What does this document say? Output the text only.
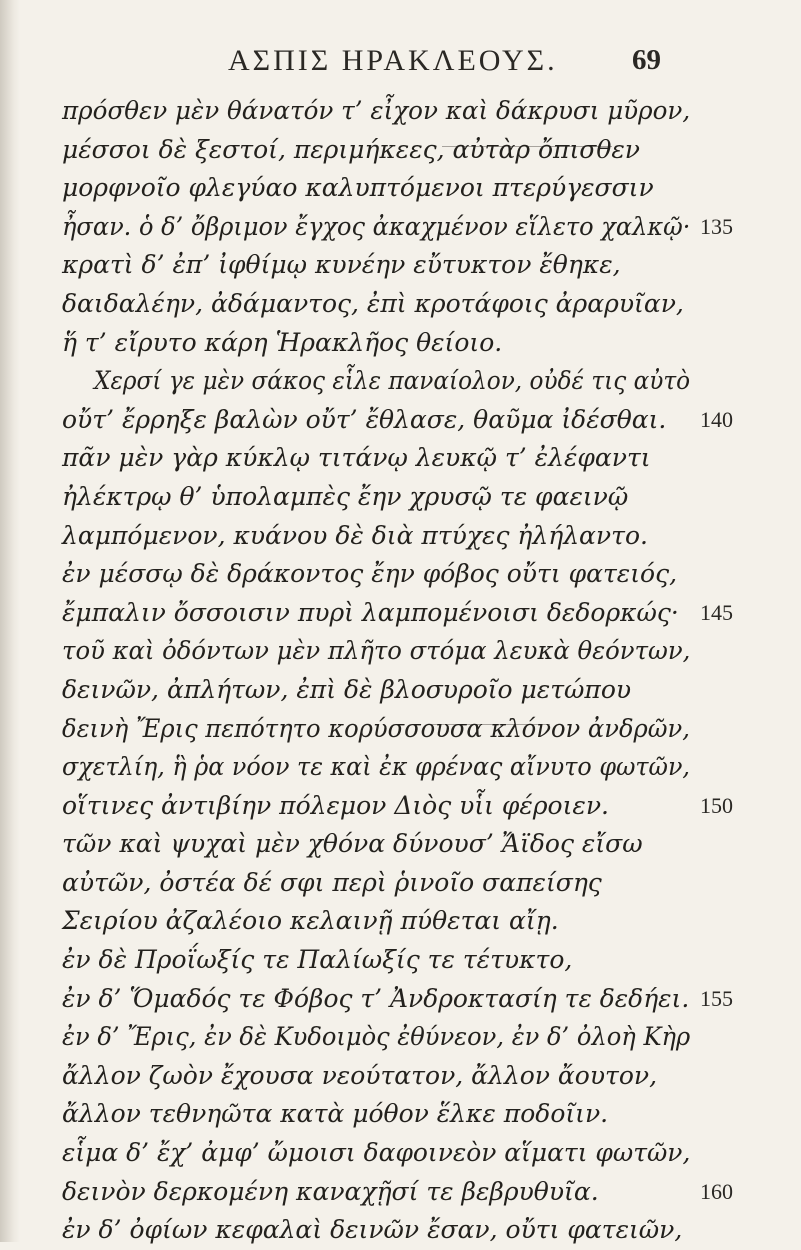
ΑΣΠΙΣ ΗΡΑΚΛΕΟΥΣ.	69
πρόσθεν μὲν θάνατόν τ’ εἶχον καὶ δάκρυσι μῦρον,
μέσσοι δὲ ξεστοί, περιμήκεες, αὐτὰρ ὄπισθεν
μορφνοῖο φλεγύαο καλυπτόμενοι πτερύγεσσιν
ἦσαν. ὁ δ’ ὄβριμον ἔγχος ἀκαχμένον εἵλετο χαλκῷ· 135
κρατὶ δ’ ἐπ’ ἰφθίμῳ κυνέην εὔτυκτον ἔθηκε,
δαιδαλέην, ἀδάμαντος, ἐπὶ κροτάφοις ἀραρυῖαν,
ἥ τ’ εἴρυτο κάρη Ἡρακλῆος θείοιο.
Χερσί γε μὲν σάκος εἷλε παναίολον, οὐδέ τις αὐτὸ
οὔτ’ ἔρρηξε βαλὼν οὔτ’ ἔθλασε, θαῦμα ἰδέσθαι. 140
πᾶν μὲν γὰρ κύκλῳ τιτάνῳ λευκῷ τ’ ἐλέφαντι
ἠλέκτρῳ θ’ ὑπολαμπὲς ἔην χρυσῷ τε φαεινῷ
λαμπόμενον, κυάνου δὲ διὰ πτύχες ἠλήλαντο.
ἐν μέσσῳ δὲ δράκοντος ἔην φόβος οὔτι φατειός,
ἔμπαλιν ὄσσοισιν πυρὶ λαμπομένοισι δεδορκώς· 145
τοῦ καὶ ὀδόντων μὲν πλῆτο στόμα λευκὰ θεόντων,
δεινῶν, ἀπλήτων, ἐπὶ δὲ βλοσυροῖο μετώπου
δεινὴ Ἔρις πεπότητο κορύσσουσα κλόνον ἀνδρῶν,
σχετλίη, ἣ ῥα νόον τε καὶ ἐκ φρένας αἴνυτο φωτῶν,
οἵτινες ἀντιβίην πόλεμον Διὸς υἷι φέροιεν.	150
τῶν καὶ ψυχαὶ μὲν χθόνα δύνουσ’ Ἄϊδος εἴσω
αὐτῶν, ὀστέα δέ σφι περὶ ῥινοῖο σαπείσης
Σειρίου ἀζαλέοιο κελαινῇ πύθεται αἴῃ.
ἐν δὲ Προΐωξίς τε Παλίωξίς τε τέτυκτο,
ἐν δ’ Ὅμαδός τε Φόβος τ’ Ἀνδροκτασίη τε δεδήει. 155
ἐν δ’ Ἔρις, ἐν δὲ Κυδοιμὸς ἐθύνεον, ἐν δ’ ὀλοὴ Κὴρ
ἄλλον ζωὸν ἔχουσα νεούτατον, ἄλλον ἄουτον,
ἄλλον τεθνηῶτα κατὰ μόθον ἕλκε ποδοῖιν.
εἷμα δ’ ἔχ’ ἀμφ’ ὤμοισι δαφοινεὸν αἵματι φωτῶν,
δεινὸν δερκομένη καναχῇσί τε βεβρυθυῖα.	160
ἐν δ’ ὀφίων κεφαλαὶ δεινῶν ἔσαν, οὔτι φατειῶν,
